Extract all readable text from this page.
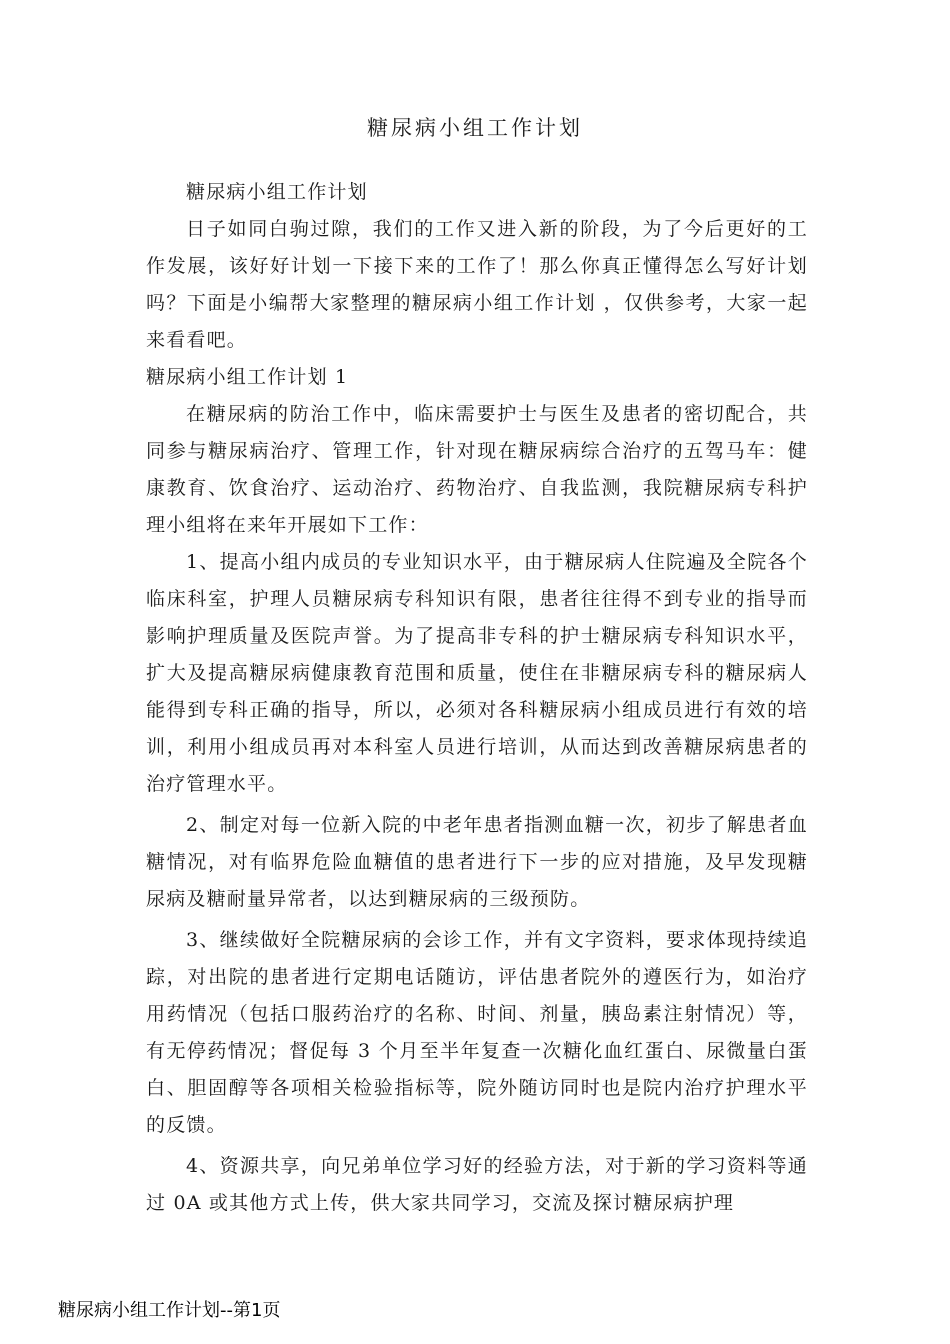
糖尿病小组工作计划

糖尿病小组工作计划

日子如同白驹过隙，我们的工作又进入新的阶段，为了今后更好的工作发展，该好好计划一下接下来的工作了！那么你真正懂得怎么写好计划吗？下面是小编帮大家整理的糖尿病小组工作计划 ，仅供参考，大家一起来看看吧。

糖尿病小组工作计划 1

在糖尿病的防治工作中，临床需要护士与医生及患者的密切配合，共同参与糖尿病治疗、管理工作，针对现在糖尿病综合治疗的五驾马车：健康教育、饮食治疗、运动治疗、药物治疗、自我监测，我院糖尿病专科护理小组将在来年开展如下工作：

1、提高小组内成员的专业知识水平，由于糖尿病人住院遍及全院各个临床科室，护理人员糖尿病专科知识有限，患者往往得不到专业的指导而影响护理质量及医院声誉。为了提高非专科的护士糖尿病专科知识水平，扩大及提高糖尿病健康教育范围和质量，使住在非糖尿病专科的糖尿病人能得到专科正确的指导，所以，必须对各科糖尿病小组成员进行有效的培训，利用小组成员再对本科室人员进行培训，从而达到改善糖尿病患者的治疗管理水平。

2、制定对每一位新入院的中老年患者指测血糖一次，初步了解患者血糖情况，对有临界危险血糖值的患者进行下一步的应对措施，及早发现糖尿病及糖耐量异常者，以达到糖尿病的三级预防。

3、继续做好全院糖尿病的会诊工作，并有文字资料，要求体现持续追踪，对出院的患者进行定期电话随访，评估患者院外的遵医行为，如治疗用药情况（包括口服药治疗的名称、时间、剂量，胰岛素注射情况）等，有无停药情况；督促每 3 个月至半年复查一次糖化血红蛋白、尿微量白蛋白、胆固醇等各项相关检验指标等，院外随访同时也是院内治疗护理水平的反馈。

4、资源共享，向兄弟单位学习好的经验方法，对于新的学习资料等通过 0A 或其他方式上传，供大家共同学习，交流及探讨糖尿病护理

糖尿病小组工作计划--第1页
